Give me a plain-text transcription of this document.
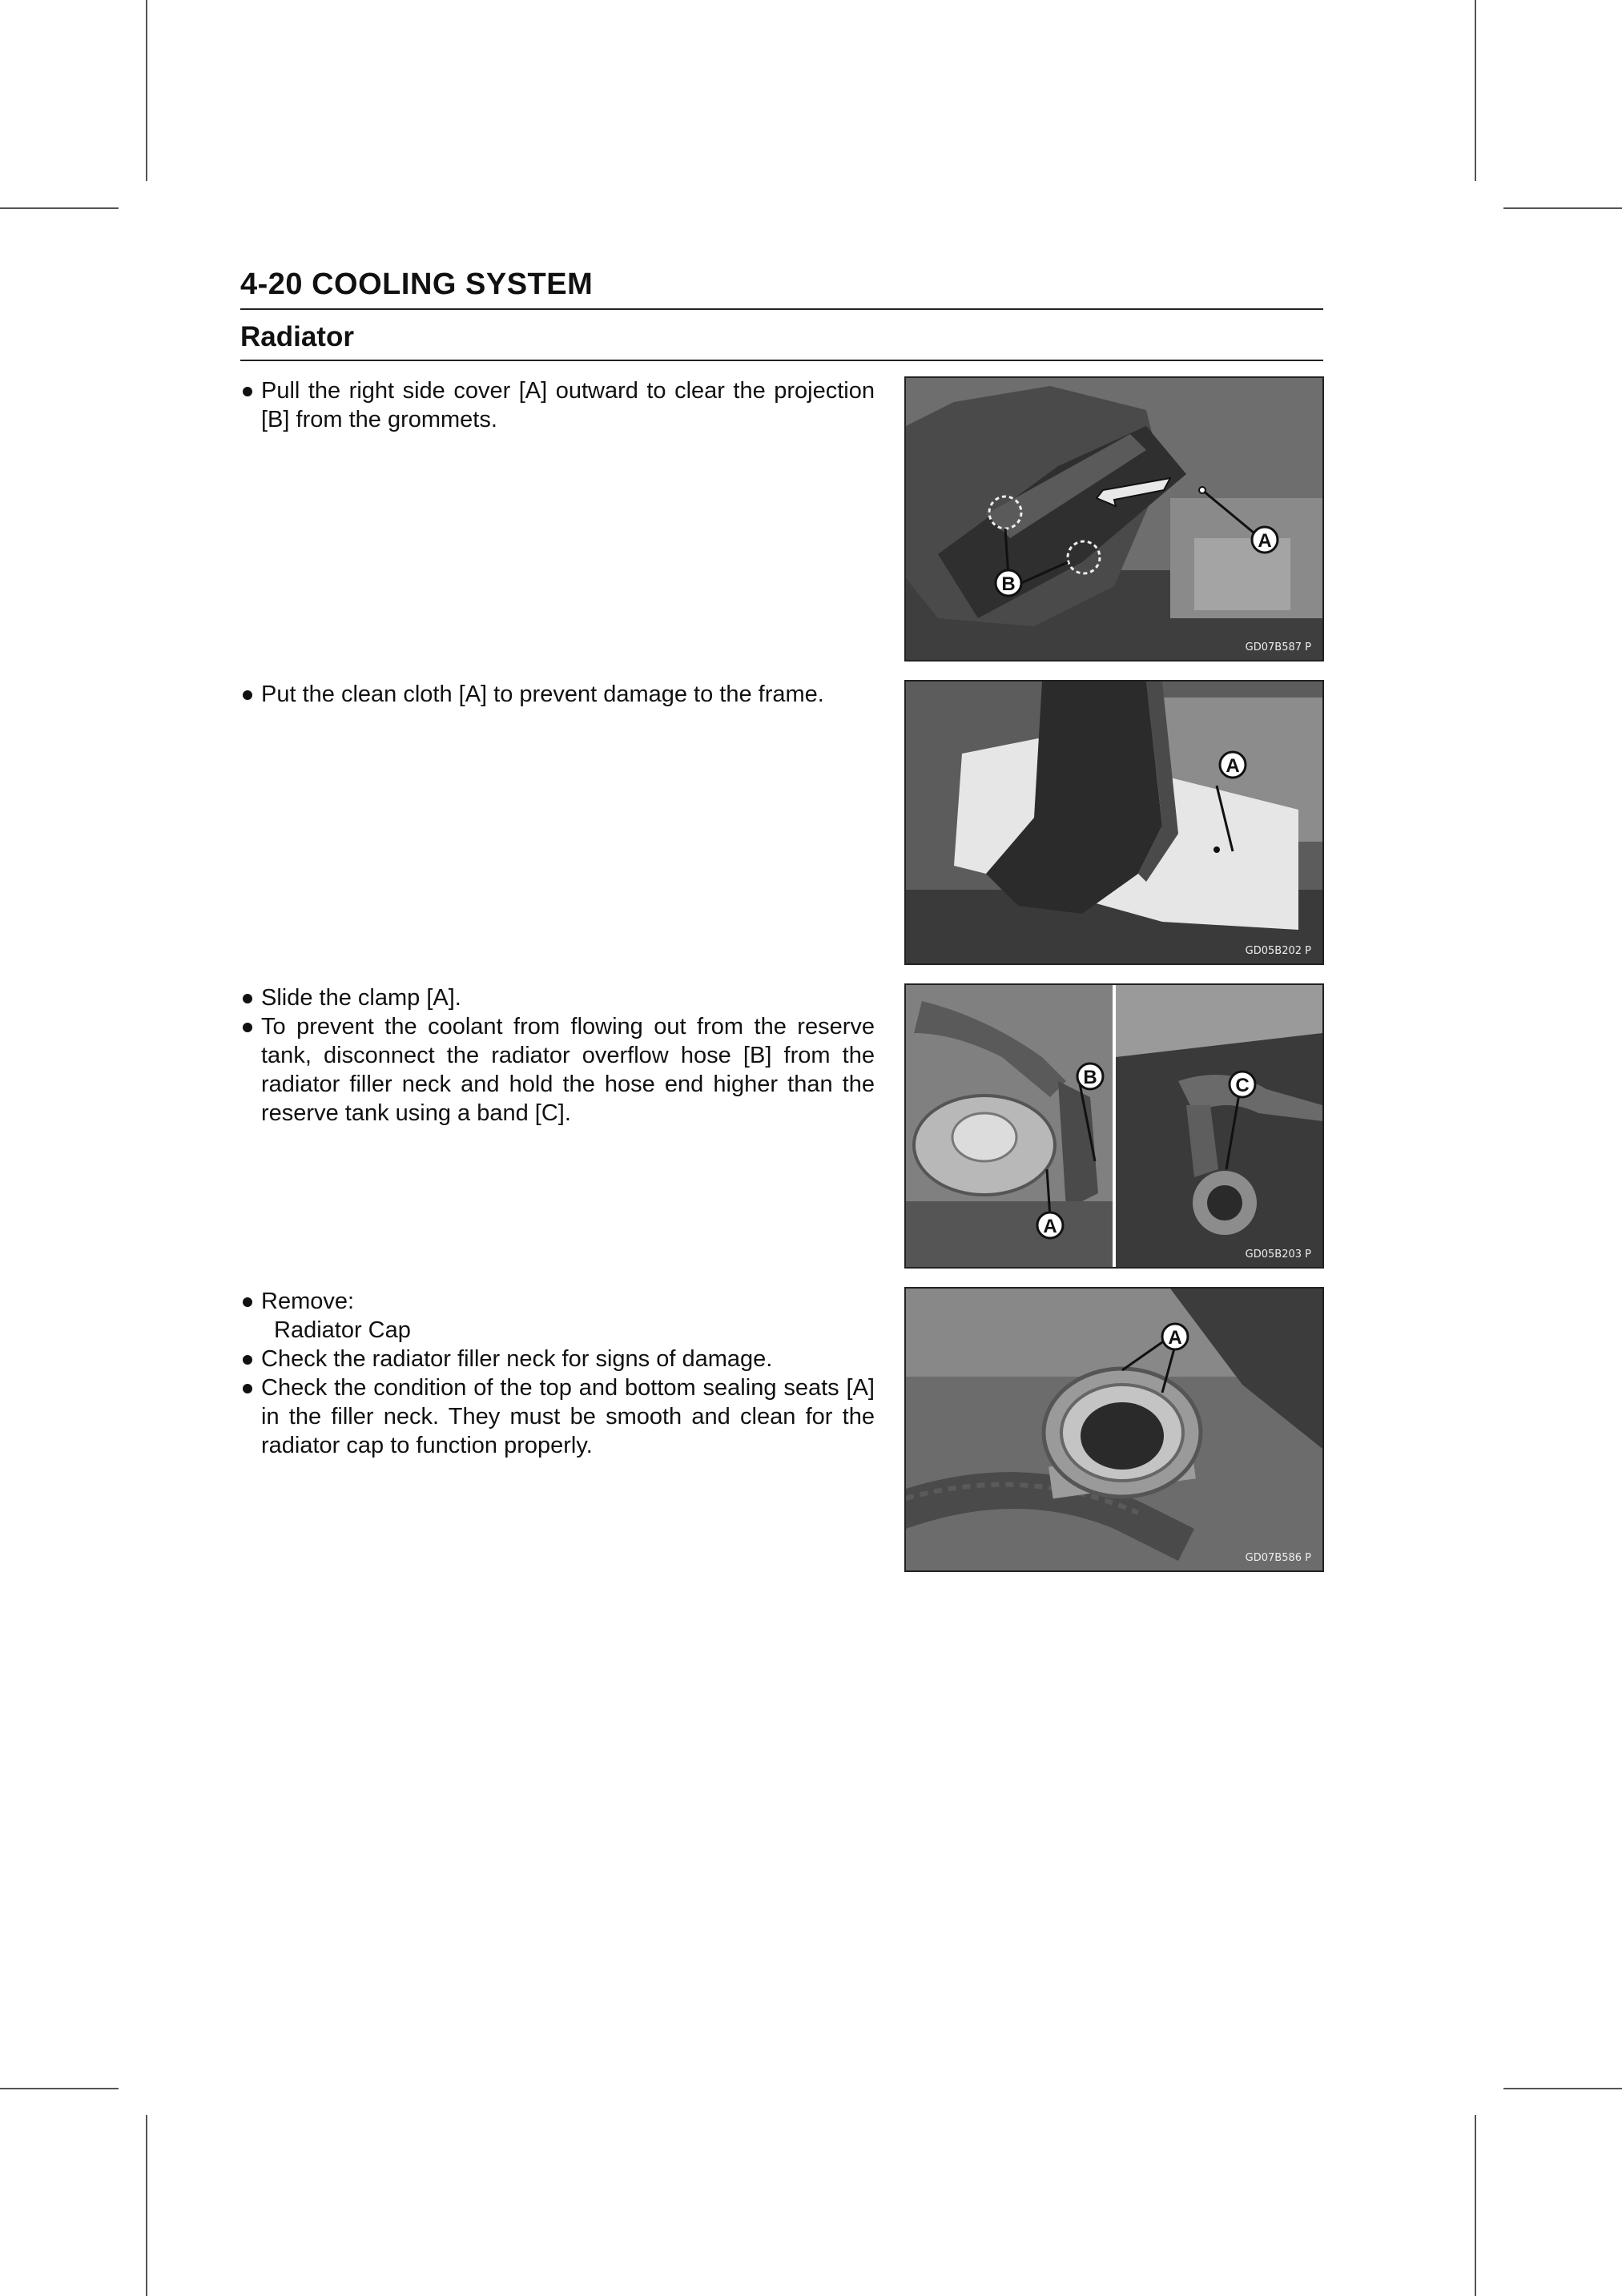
4-20 COOLING SYSTEM
Radiator
Pull the right side cover [A] outward to clear the projection [B] from the grommets.
A
B
GD07B587 P
Put the clean cloth [A] to prevent damage to the frame.
A
GD05B202 P
Slide the clamp [A].
To prevent the coolant from flowing out from the reserve tank, disconnect the radiator overflow hose [B] from the radiator filler neck and hold the hose end higher than the reserve tank using a band [C].
B
A
C
GD05B203 P
Remove:
Radiator Cap
Check the radiator filler neck for signs of damage.
Check the condition of the top and bottom sealing seats [A] in the filler neck. They must be smooth and clean for the radiator cap to function properly.
A
GD07B586 P
